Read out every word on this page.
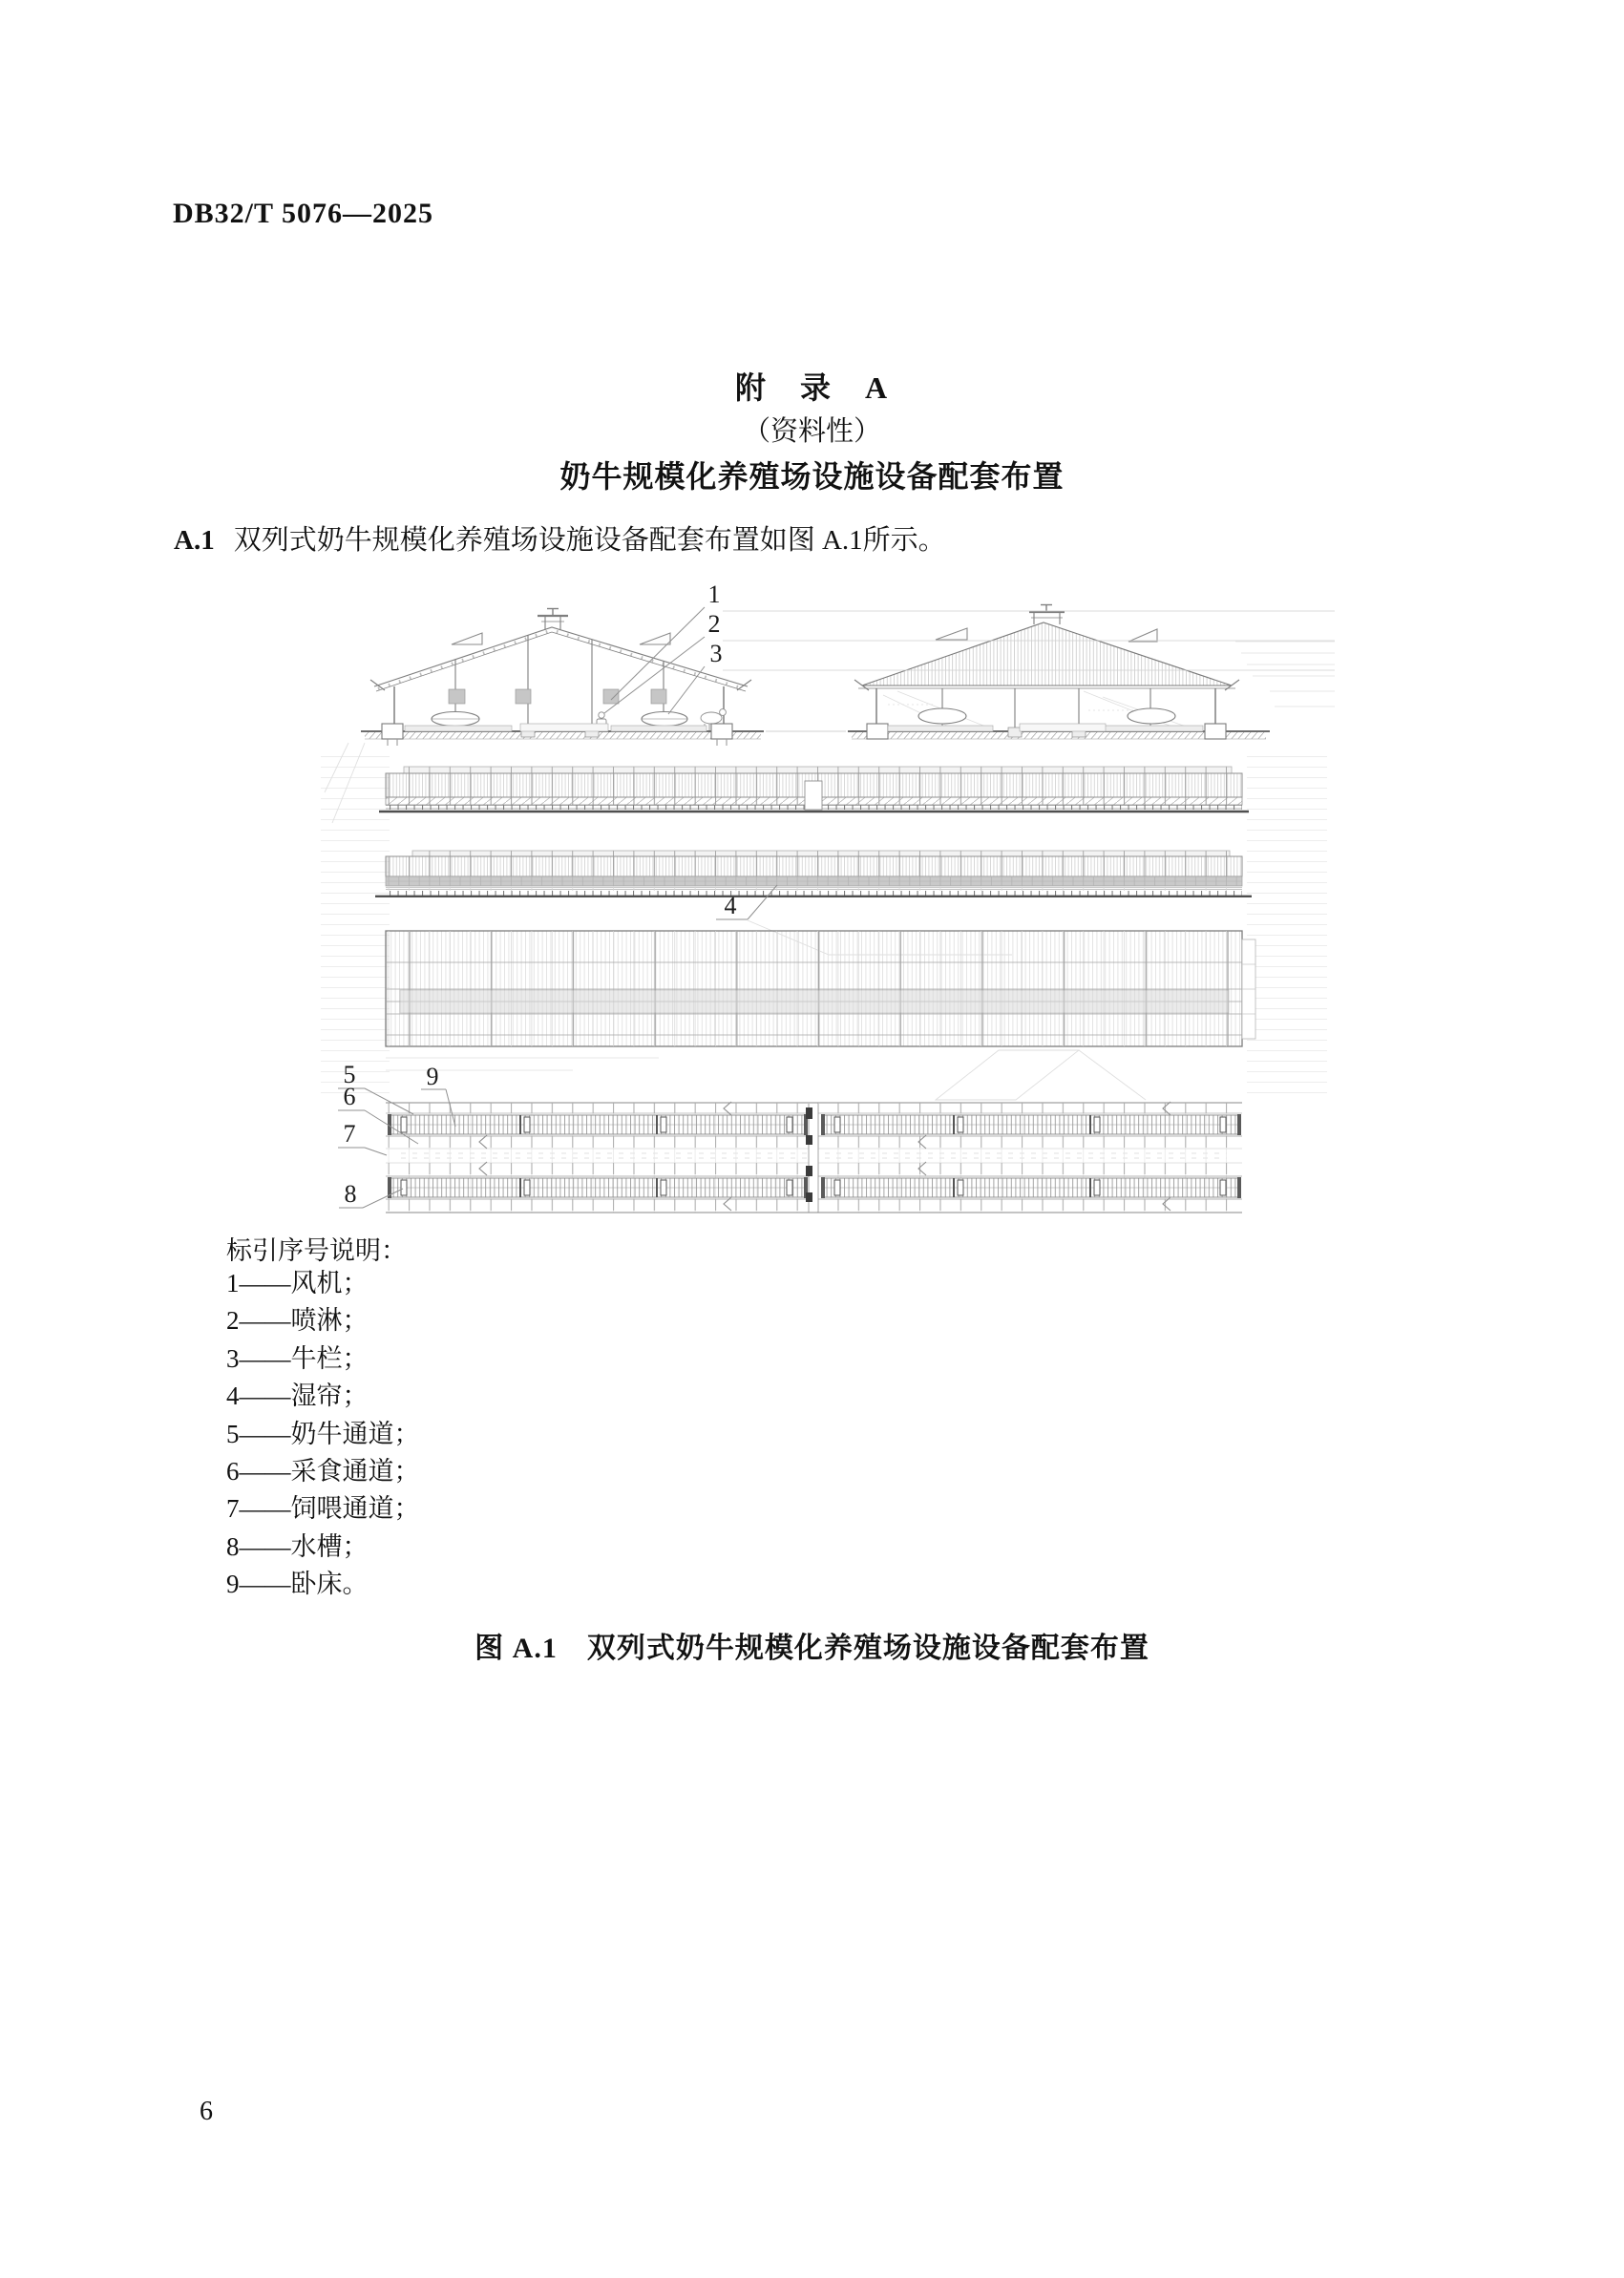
DB32/T 5076—2025
附　录　A
（资料性）
奶牛规模化养殖场设施设备配套布置
A.1 双列式奶牛规模化养殖场设施设备配套布置如图 A.1所示。
1
2
3
4
5	9
6
7
8
标引序号说明：
1——风机；
2——喷淋；
3——牛栏；
4——湿帘；
5——奶牛通道；
6——采食通道；
7——饲喂通道；
8——水槽；
9——卧床。
图 A.1　双列式奶牛规模化养殖场设施设备配套布置
6
